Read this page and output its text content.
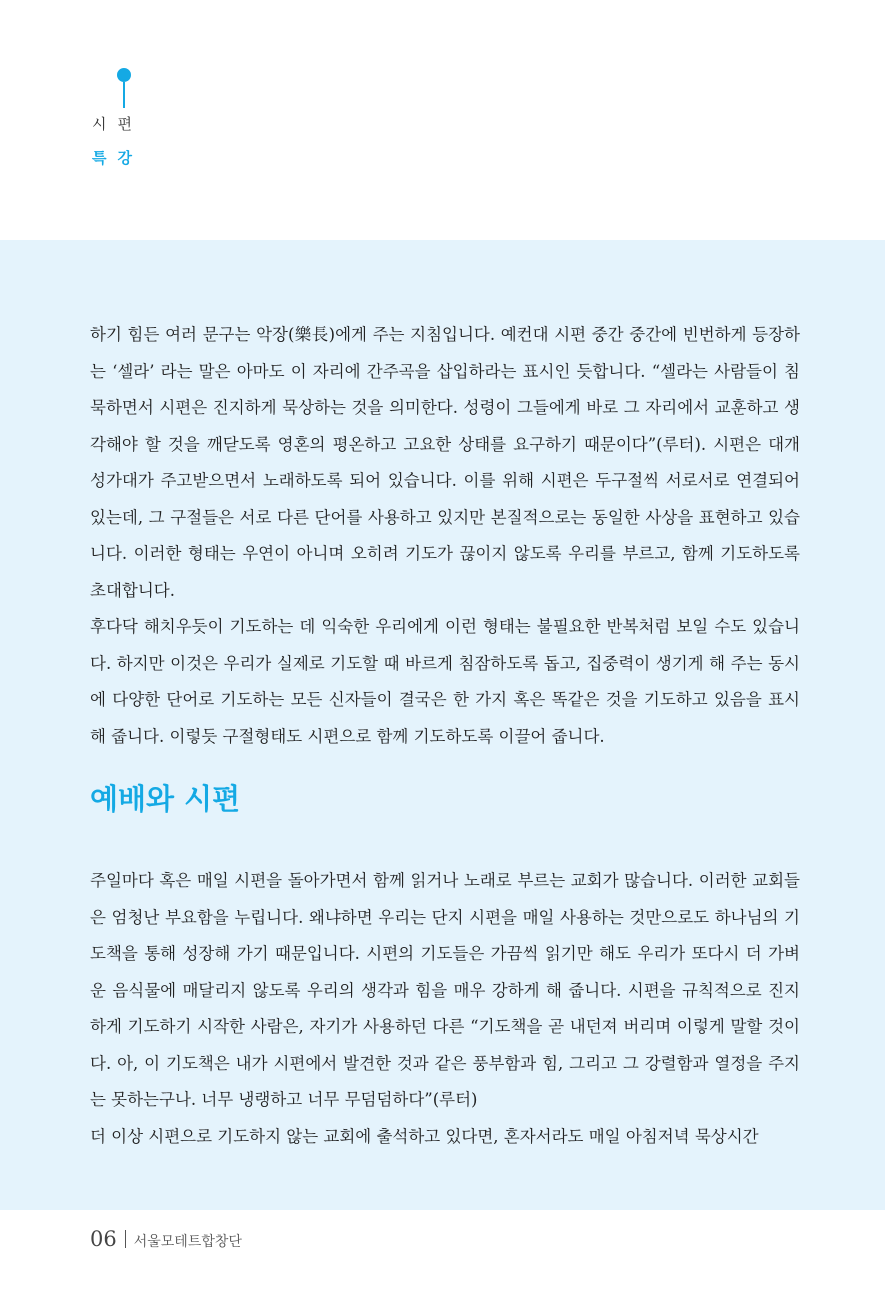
시편
특강

하기 힘든 여러 문구는 악장(樂長)에게 주는 지침입니다. 예컨대 시편 중간 중간에 빈번하게 등장하는 ‘셀라’ 라는 말은 아마도 이 자리에 간주곡을 삽입하라는 표시인 듯합니다. “셀라는 사람들이 침묵하면서 시편은 진지하게 묵상하는 것을 의미한다. 성령이 그들에게 바로 그 자리에서 교훈하고 생각해야 할 것을 깨닫도록 영혼의 평온하고 고요한 상태를 요구하기 때문이다”(루터). 시편은 대개 성가대가 주고받으면서 노래하도록 되어 있습니다. 이를 위해 시편은 두구절씩 서로서로 연결되어 있는데, 그 구절들은 서로 다른 단어를 사용하고 있지만 본질적으로는 동일한 사상을 표현하고 있습니다. 이러한 형태는 우연이 아니며 오히려 기도가 끊이지 않도록 우리를 부르고, 함께 기도하도록 초대합니다.

후다닥 해치우듯이 기도하는 데 익숙한 우리에게 이런 형태는 불필요한 반복처럼 보일 수도 있습니다. 하지만 이것은 우리가 실제로 기도할 때 바르게 침잠하도록 돕고, 집중력이 생기게 해 주는 동시에 다양한 단어로 기도하는 모든 신자들이 결국은 한 가지 혹은 똑같은 것을 기도하고 있음을 표시해 줍니다. 이렇듯 구절형태도 시편으로 함께 기도하도록 이끌어 줍니다.

예배와 시편

주일마다 혹은 매일 시편을 돌아가면서 함께 읽거나 노래로 부르는 교회가 많습니다. 이러한 교회들은 엄청난 부요함을 누립니다. 왜냐하면 우리는 단지 시편을 매일 사용하는 것만으로도 하나님의 기도책을 통해 성장해 가기 때문입니다. 시편의 기도들은 가끔씩 읽기만 해도 우리가 또다시 더 가벼운 음식물에 매달리지 않도록 우리의 생각과 힘을 매우 강하게 해 줍니다. 시편을 규칙적으로 진지하게 기도하기 시작한 사람은, 자기가 사용하던 다른 “기도책을 곧 내던져 버리며 이렇게 말할 것이다. 아, 이 기도책은 내가 시편에서 발견한 것과 같은 풍부함과 힘, 그리고 그 강렬함과 열정을 주지는 못하는구나. 너무 냉랭하고 너무 무덤덤하다”(루터)

더 이상 시편으로 기도하지 않는 교회에 출석하고 있다면, 혼자서라도 매일 아침저녁 묵상시간

06 서울모테트합창단
